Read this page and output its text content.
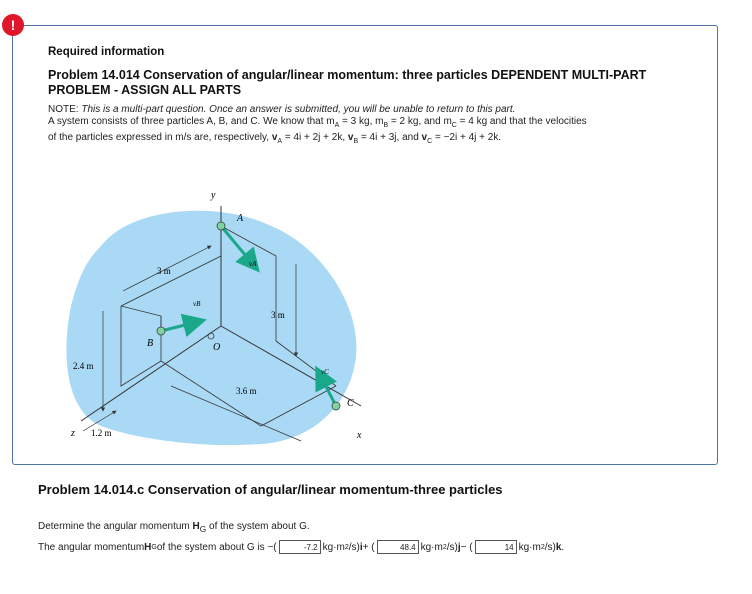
!
Required information
Problem 14.014 Conservation of angular/linear momentum: three particles DEPENDENT MULTI-PART PROBLEM - ASSIGN ALL PARTS
NOTE: This is a multi-part question. Once an answer is submitted, you will be unable to return to this part.
A system consists of three particles A, B, and C. We know that $m_A = 3$ kg, $m_B = 2$ kg, and $m_C = 4$ kg and that the velocities
of the particles expressed in m/s are, respectively, $v_A = 4i + 2j + 2k$, $v_B = 4i + 3j$, and $v_C = -2i + 4j + 2k$.
y
A
B
C
O
z	x
vA
vB
vC
3 m
3 m
2.4 m
3.6 m
1.2 m
Problem 14.014.c Conservation of angular/linear momentum-three particles
Determine the angular momentum $H_G$ of the system about G.
The angular momentum H G of the system about G is −(
-7.2	kg·m 2 /s) i + (
48.4	kg·m 2 /s) j − (
14	kg·m 2 /s) k .
